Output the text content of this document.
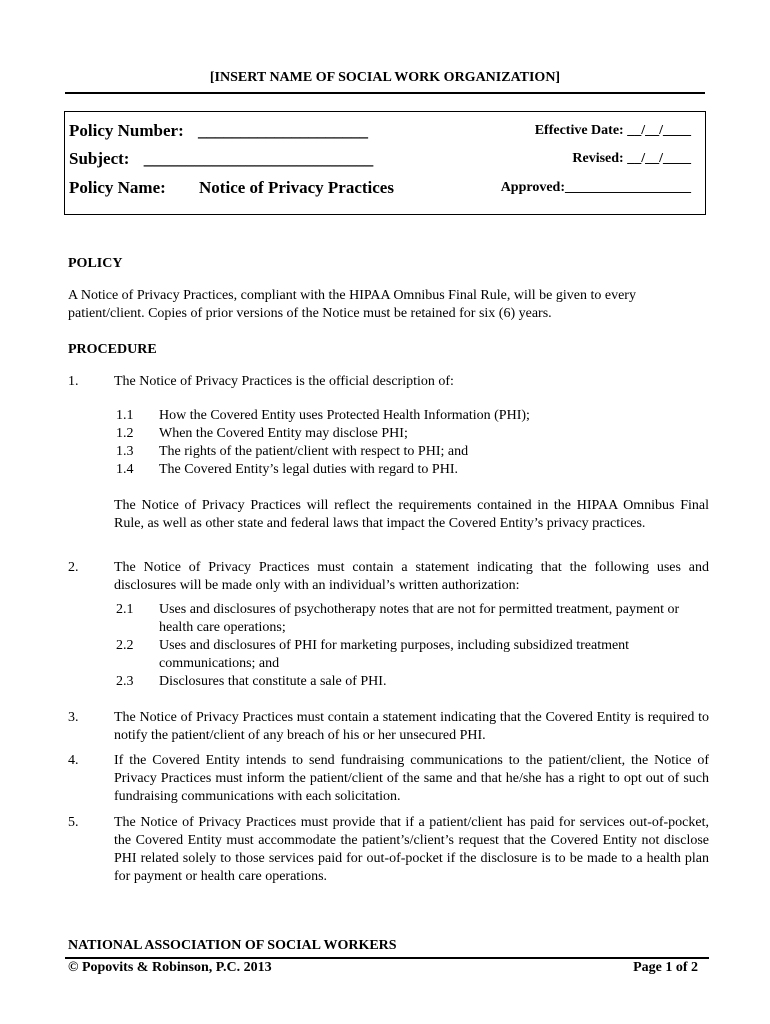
[INSERT NAME OF SOCIAL WORK ORGANIZATION]
Policy Number: ____________________	Effective Date: __/__/____
Subject: ___________________________	Revised: __/__/____
Policy Name: Notice of Privacy Practices	Approved:__________________
POLICY

A Notice of Privacy Practices, compliant with the HIPAA Omnibus Final Rule, will be given to every patient/client. Copies of prior versions of the Notice must be retained for six (6) years.

PROCEDURE
1.	The Notice of Privacy Practices is the official description of:
1.1 How the Covered Entity uses Protected Health Information (PHI);
1.2 When the Covered Entity may disclose PHI;
1.3 The rights of the patient/client with respect to PHI; and
1.4 The Covered Entity’s legal duties with regard to PHI.

The Notice of Privacy Practices will reflect the requirements contained in the HIPAA Omnibus Final Rule, as well as other state and federal laws that impact the Covered Entity’s privacy practices.

2.	The Notice of Privacy Practices must contain a statement indicating that the following uses and disclosures will be made only with an individual’s written authorization:
2.1 Uses and disclosures of psychotherapy notes that are not for permitted treatment, payment or health care operations;
2.2 Uses and disclosures of PHI for marketing purposes, including subsidized treatment communications; and
2.3 Disclosures that constitute a sale of PHI.
3.	The Notice of Privacy Practices must contain a statement indicating that the Covered Entity is required to notify the patient/client of any breach of his or her unsecured PHI.
4.	If the Covered Entity intends to send fundraising communications to the patient/client, the Notice of Privacy Practices must inform the patient/client of the same and that he/she has a right to opt out of such fundraising communications with each solicitation.
5.	The Notice of Privacy Practices must provide that if a patient/client has paid for services out-of-pocket, the Covered Entity must accommodate the patient’s/client’s request that the Covered Entity not disclose PHI related solely to those services paid for out-of-pocket if the disclosure is to be made to a health plan for payment or health care operations.
NATIONAL ASSOCIATION OF SOCIAL WORKERS
© Popovits & Robinson, P.C. 2013	Page 1 of 2
